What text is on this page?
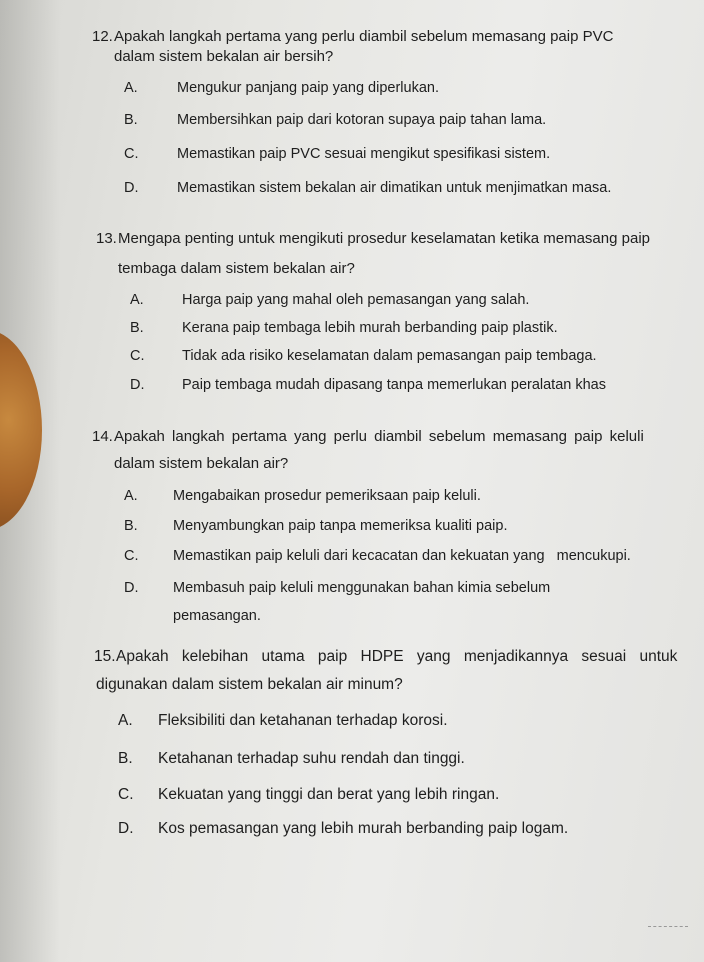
12. Apakah langkah pertama yang perlu diambil sebelum memasang paip PVC
dalam sistem bekalan air bersih?
A.	Mengukur panjang paip yang diperlukan.
B.	Membersihkan paip dari kotoran supaya paip tahan lama.
C.	Memastikan paip PVC sesuai mengikut spesifikasi sistem.
D.	Memastikan sistem bekalan air dimatikan untuk menjimatkan masa.
13. Mengapa penting untuk mengikuti prosedur keselamatan ketika memasang paip
tembaga dalam sistem bekalan air?
A.	Harga paip yang mahal oleh pemasangan yang salah.
B.	Kerana paip tembaga lebih murah berbanding paip plastik.
C.	Tidak ada risiko keselamatan dalam pemasangan paip tembaga.
D.	Paip tembaga mudah dipasang tanpa memerlukan peralatan khas
14. Apakah langkah pertama yang perlu diambil sebelum memasang paip keluli
dalam sistem bekalan air?
A. Mengabaikan prosedur pemeriksaan paip keluli.
B. Menyambungkan paip tanpa memeriksa kualiti paip.
C. Memastikan paip keluli dari kecacatan dan kekuatan yang   mencukupi.
D. Membasuh paip keluli menggunakan bahan kimia sebelum
pemasangan.
15. Apakah kelebihan utama paip HDPE yang menjadikannya sesuai untuk
digunakan dalam sistem bekalan air minum?
A. Fleksibiliti dan ketahanan terhadap korosi.
B. Ketahanan terhadap suhu rendah dan tinggi.
C. Kekuatan yang tinggi dan berat yang lebih ringan.
D. Kos pemasangan yang lebih murah berbanding paip logam.
